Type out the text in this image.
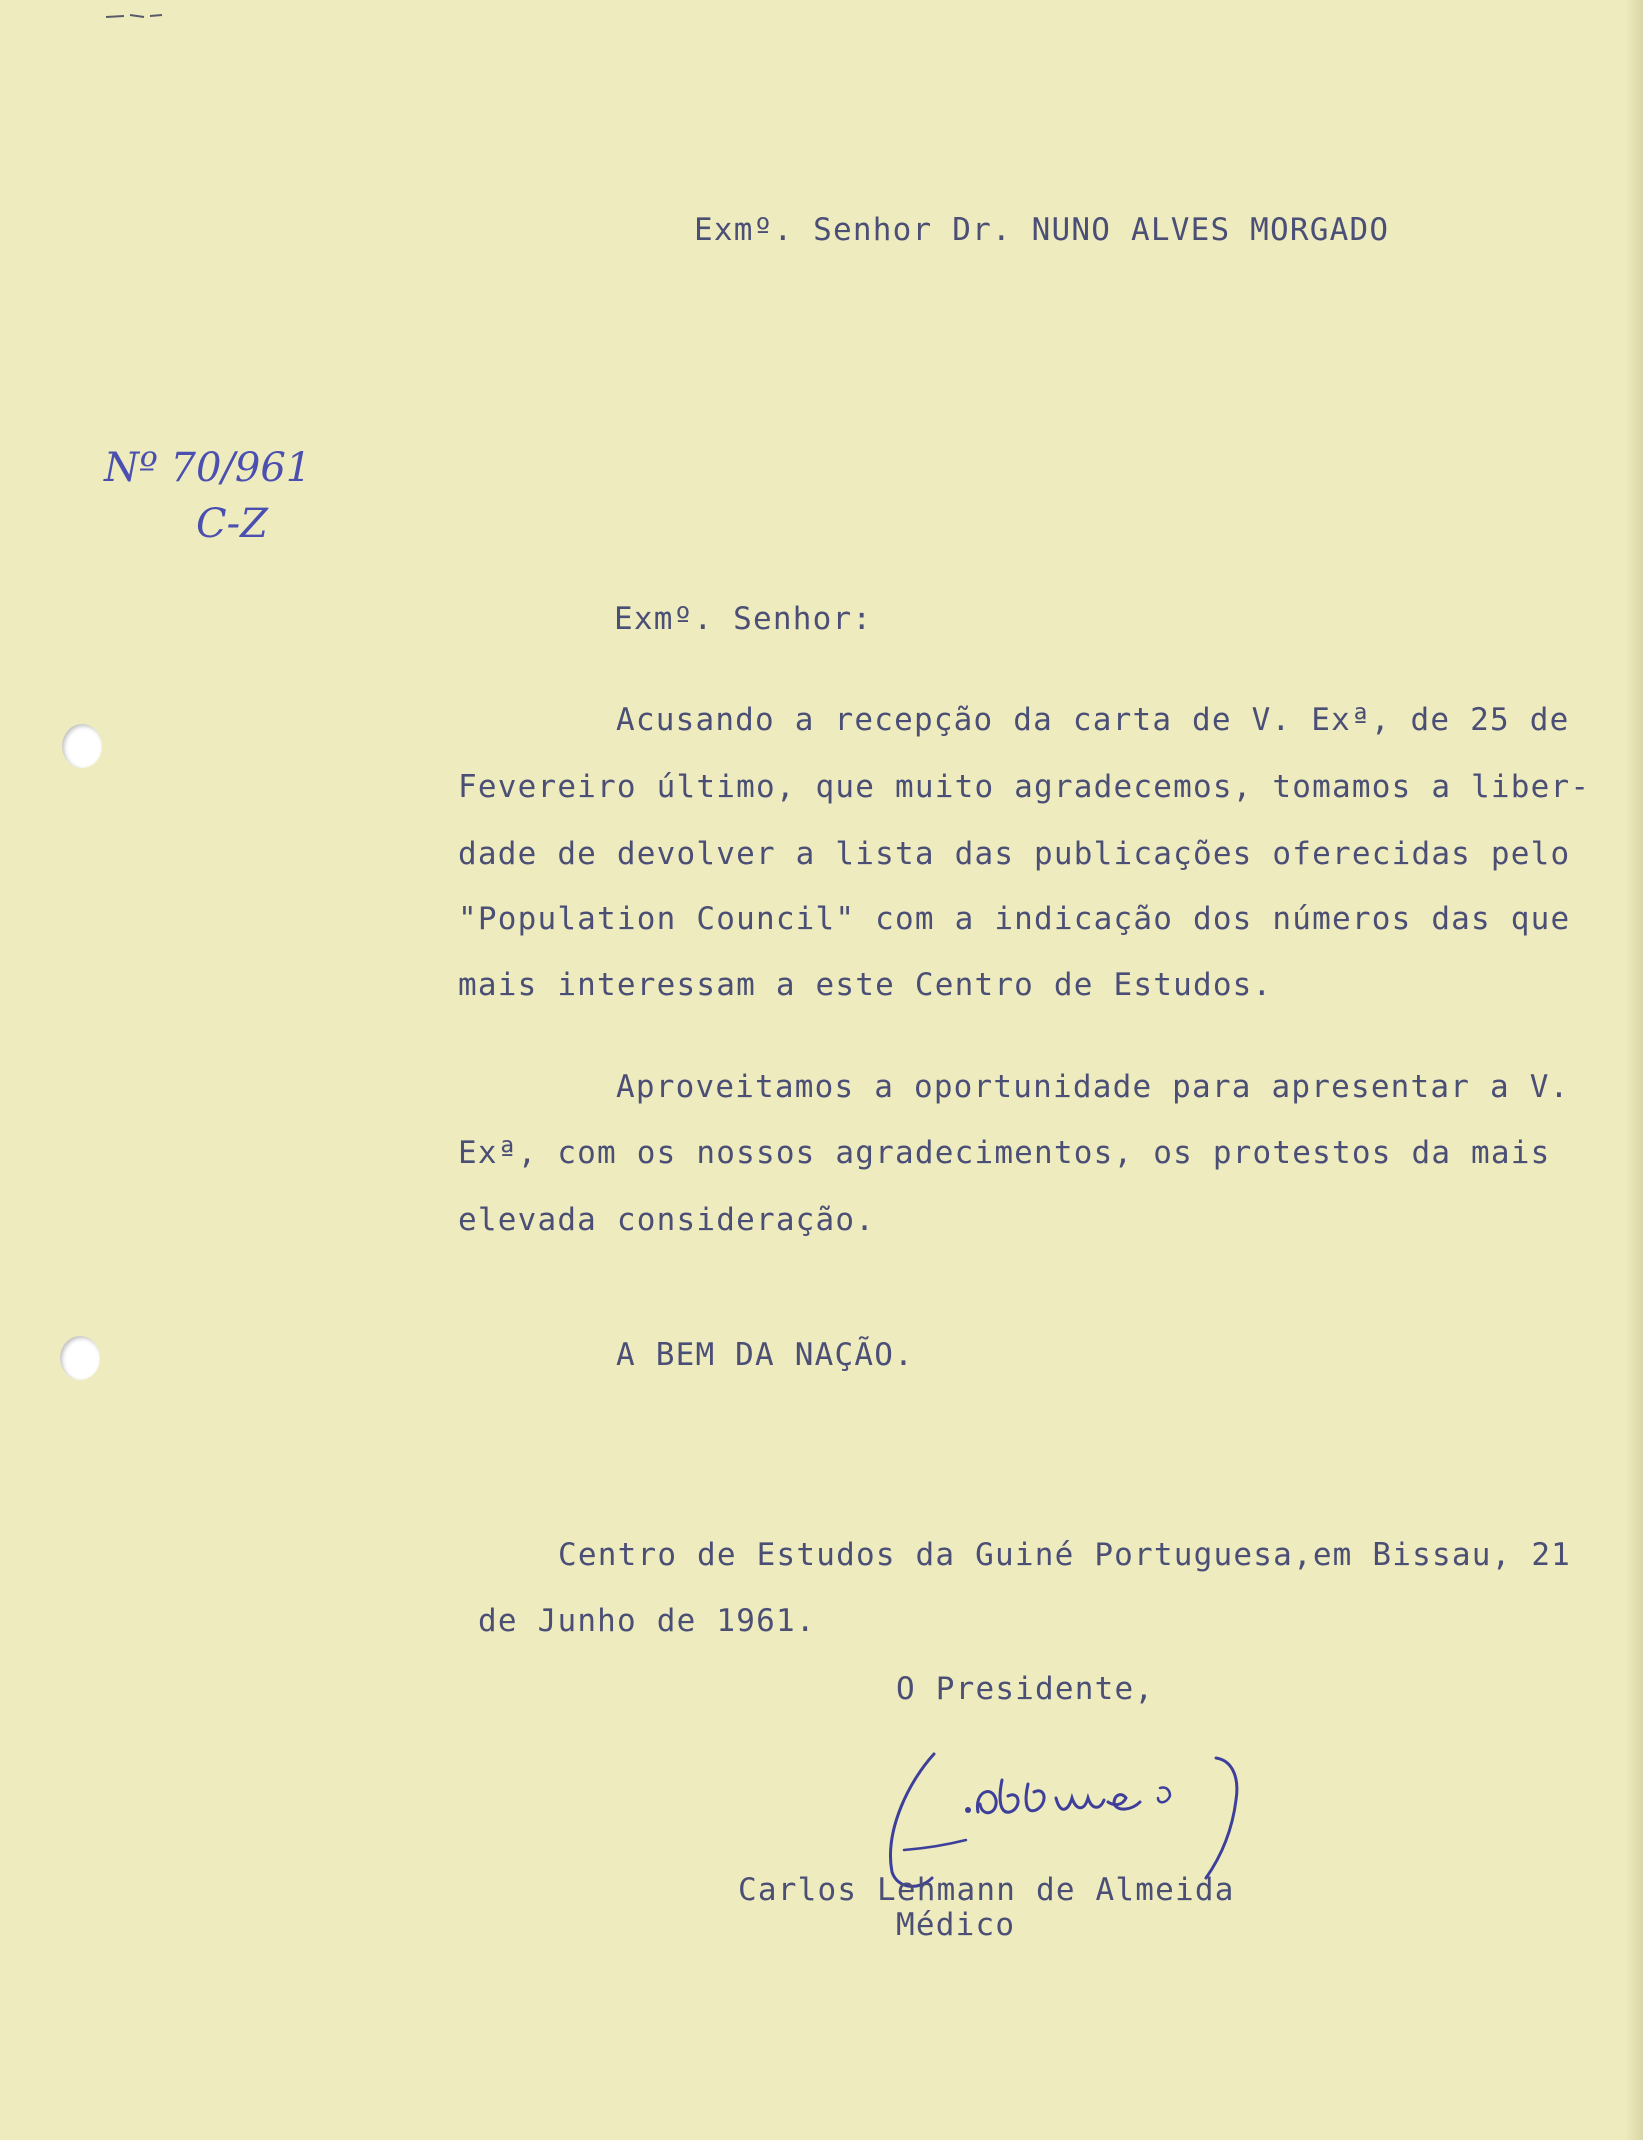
Nº 70/961
C-Z

Exmº. Senhor Dr. NUNO ALVES MORGADO

Exmº. Senhor:

Acusando a recepção da carta de V. Exª, de 25 de

Fevereiro último, que muito agradecemos, tomamos a liber-

dade de devolver a lista das publicações oferecidas pelo

"Population Council" com a indicação dos números das que

mais interessam a este Centro de Estudos.

Aproveitamos a oportunidade para apresentar a V.

Exª, com os nossos agradecimentos, os protestos da mais

elevada consideração.

A BEM DA NAÇÃO.

Centro de Estudos da Guiné Portuguesa,em Bissau, 21

de Junho de 1961.

O Presidente,

Carlos Lehmann de Almeida

Médico
